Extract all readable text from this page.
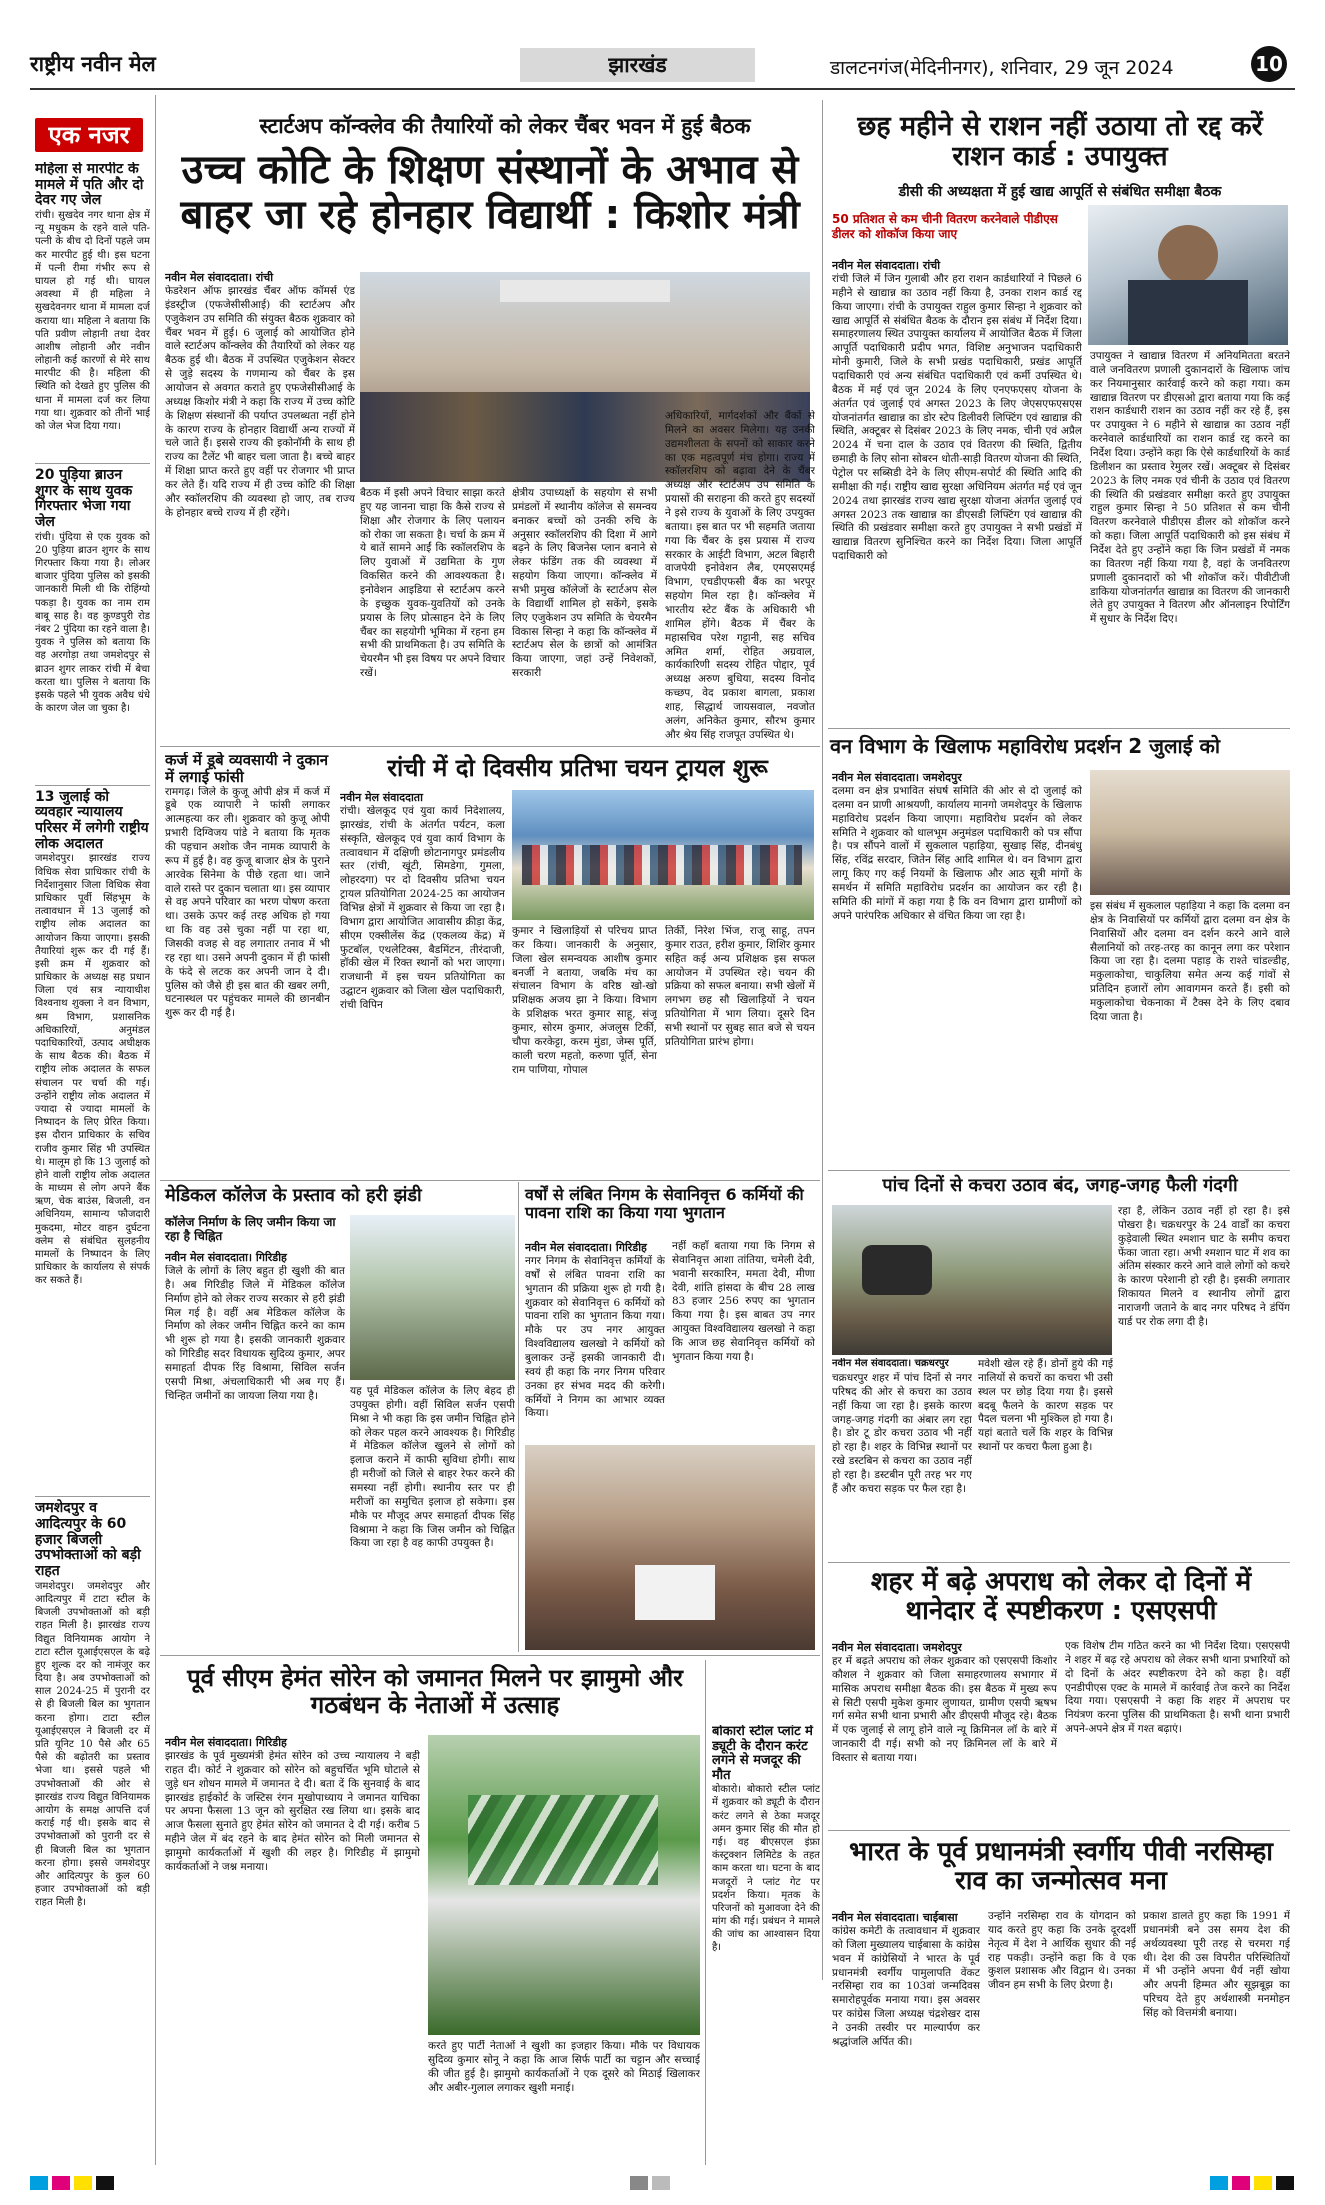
राष्ट्रीय नवीन मेल	झारखंड	डालटनगंज(मेदिनीनगर), शनिवार, 29 जून 2024	10
एक नजर
महिला से मारपीट के मामले में पति और दो देवर गए जेल
रांची। सुखदेव नगर थाना क्षेत्र में न्यू मधुकम के रहने वाले पति-पत्नी के बीच दो दिनों पहले जम कर मारपीट हुई थी। इस घटना में पत्नी रीमा गंभीर रूप से घायल हो गई थी। घायल अवस्था में ही महिला ने सुखदेवनगर थाना में मामला दर्ज कराया था। महिला ने बताया कि पति प्रवीण लोहानी तथा देवर आशीष लोहानी और नवीन लोहानी कई कारणों से मेरे साथ मारपीट की है। महिला की स्थिति को देखते हुए पुलिस की धाना में मामला दर्ज कर लिया गया था। शुक्रवार को तीनों भाई को जेल भेज दिया गया।
20 पुड़िया ब्राउन शुगर के साथ युवक गिरफ्तार भेजा गया जेल
रांची। पुंदिया से एक युवक को 20 पुड़िया ब्राउन शुगर के साथ गिरफ्तार किया गया है। लोअर बाजार पुंदिया पुलिस को इसकी जानकारी मिली थी कि रोहिंग्यो पकड़ा है। युवक का नाम राम बाबू साह है। वह कुण्डपुरी रोड नंबर 2 पुंदिया का रहने वाला है। युवक ने पुलिस को बताया कि वह अरगोड़ा तथा जमशेदपुर से ब्राउन शुगर लाकर रांची में बेचा करता था। पुलिस ने बताया कि इसके पहले भी युवक अवैध धंधे के कारण जेल जा चुका है।
13 जुलाई को व्यवहार न्यायालय परिसर में लगेगी राष्ट्रीय लोक अदालत
जमशेदपुर। झारखंड राज्य विधिक सेवा प्राधिकार रांची के निर्देशानुसार जिला विधिक सेवा प्राधिकार पूर्वी सिंहभूम के तत्वावधान में 13 जुलाई को राष्ट्रीय लोक अदालत का आयोजन किया जाएगा। इसकी तैयारियां शुरू कर दी गई हैं। इसी क्रम में शुक्रवार को प्राधिकार के अध्यक्ष सह प्रधान जिला एवं सत्र न्यायाधीश विश्वनाथ शुक्ला ने वन विभाग, श्रम विभाग, प्रशासनिक अधिकारियों, अनुमंडल पदाधिकारियों, उत्पाद अधीक्षक के साथ बैठक की। बैठक में राष्ट्रीय लोक अदालत के सफल संचालन पर चर्चा की गई। उन्होंने राष्ट्रीय लोक अदालत में ज्यादा से ज्यादा मामलों के निष्पादन के लिए प्रेरित किया। इस दौरान प्राधिकार के सचिव राजीव कुमार सिंह भी उपस्थित थे। मालूम हो कि 13 जुलाई को होने वाली राष्ट्रीय लोक अदालत के माध्यम से लोग अपने बैंक ऋण, चेक बाउंस, बिजली, वन अधिनियम, सामान्य फौजदारी मुकदमा, मोटर वाहन दुर्घटना क्लेम से संबंधित सुलहनीय मामलों के निष्पादन के लिए प्राधिकार के कार्यालय से संपर्क कर सकते हैं।
जमशेदपुर व आदित्यपुर के 60 हजार बिजली उपभोक्ताओं को बड़ी राहत
जमशेदपुर। जमशेदपुर और आदित्यपुर में टाटा स्टील के बिजली उपभोक्ताओं को बड़ी राहत मिली है। झारखंड राज्य विद्युत विनियामक आयोग ने टाटा स्टील यूआईएसएल के बढ़े हुए शुल्क दर को नामंजूर कर दिया है। अब उपभोक्ताओं को साल 2024-25 में पुरानी दर से ही बिजली बिल का भुगतान करना होगा। टाटा स्टील यूआईएसएल ने बिजली दर में प्रति यूनिट 10 पैसे और 65 पैसे की बढ़ोतरी का प्रस्ताव भेजा था। इससे पहले भी उपभोक्ताओं की ओर से झारखंड राज्य विद्युत विनियामक आयोग के समक्ष आपत्ति दर्ज कराई गई थी। इसके बाद से उपभोक्ताओं को पुरानी दर से ही बिजली बिल का भुगतान करना होगा। इससे जमशेदपुर और आदित्यपुर के कुल 60 हजार उपभोक्ताओं को बड़ी राहत मिली है।
स्टार्टअप कॉन्क्लेव की तैयारियों को लेकर चैंबर भवन में हुई बैठक
उच्च कोटि के शिक्षण संस्थानों के अभाव से बाहर जा रहे होनहार विद्यार्थी : किशोर मंत्री
नवीन मेल संवाददाता। रांची
फेडरेशन ऑफ झारखंड चैंबर ऑफ कॉमर्स एंड इंडस्ट्रीज (एफजेसीसीआई) की स्टार्टअप और एजुकेशन उप समिति की संयुक्त बैठक शुक्रवार को चैंबर भवन में हुई। 6 जुलाई को आयोजित होने वाले स्टार्टअप कॉन्क्लेव की तैयारियों को लेकर यह बैठक हुई थी। बैठक में उपस्थित एजुकेशन सेक्टर से जुड़े सदस्य के गणमान्य को चैंबर के इस आयोजन से अवगत कराते हुए एफजेसीसीआई के अध्यक्ष किशोर मंत्री ने कहा कि राज्य में उच्च कोटि के शिक्षण संस्थानों की पर्याप्त उपलब्धता नहीं होने के कारण राज्य के होनहार विद्यार्थी अन्य राज्यों में चले जाते हैं। इससे राज्य की इकोनॉमी के साथ ही राज्य का टैलेंट भी बाहर चला जाता है। बच्चे बाहर में शिक्षा प्राप्त करते हुए वहीं पर रोजगार भी प्राप्त कर लेते हैं। यदि राज्य में ही उच्च कोटि की शिक्षा और स्कॉलरशिप की व्यवस्था हो जाए, तब राज्य के होनहार बच्चे राज्य में ही रहेंगे।
बैठक में इसी अपने विचार साझा करते हुए यह जानना चाहा कि कैसे राज्य से शिक्षा और रोजगार के लिए पलायन को रोका जा सकता है। चर्चा के क्रम में ये बातें सामने आईं कि स्कॉलरशिप के लिए युवाओं में उद्यमिता के गुण विकसित करने की आवश्यकता है। इनोवेशन आइडिया से स्टार्टअप करने के इच्छुक युवक-युवतियों को उनके प्रयास के लिए प्रोत्साहन देने के लिए चैंबर का सहयोगी भूमिका में रहना हम सभी की प्राथमिकता है। उप समिति के चेयरमैन भी इस विषय पर अपने विचार रखें।
क्षेत्रीय उपाध्यक्षों के सहयोग से सभी प्रमंडलों में स्थानीय कॉलेज से समन्वय बनाकर बच्चों को उनकी रुचि के अनुसार स्कॉलरशिप की दिशा में आगे बढ़ने के लिए बिजनेस प्लान बनाने से लेकर फंडिंग तक की व्यवस्था में सहयोग किया जाएगा। कॉन्क्लेव में सभी प्रमुख कॉलेजों के स्टार्टअप सेल के विद्यार्थी शामिल हो सकेंगे, इसके लिए एजुकेशन उप समिति के चेयरमैन विकास सिन्हा ने कहा कि कॉन्क्लेव में स्टार्टअप सेल के छात्रों को आमंत्रित किया जाएगा, जहां उन्हें निवेशकों, सरकारी
अधिकारियों, मार्गदर्शकों और बैंकों से मिलने का अवसर मिलेगा। यह उनकी उद्यमशीलता के सपनों को साकार करने का एक महत्वपूर्ण मंच होगा। राज्य में स्कॉलरशिप को बढ़ावा देने के चैंबर अध्यक्ष और स्टार्टअप उप समिति के प्रयासों की सराहना की करते हुए सदस्यों ने इसे राज्य के युवाओं के लिए उपयुक्त बताया। इस बात पर भी सहमति जताया गया कि चैंबर के इस प्रयास में राज्य सरकार के आईटी विभाग, अटल बिहारी वाजपेयी इनोवेशन लैब, एमएसएमई विभाग, एचडीएफसी बैंक का भरपूर सहयोग मिल रहा है। कॉन्क्लेव में भारतीय स्टेट बैंक के अधिकारी भी शामिल होंगे। बैठक में चैंबर के महासचिव परेश गट्टानी, सह सचिव अमित शर्मा, रोहित अग्रवाल, कार्यकारिणी सदस्य रोहित पोद्दार, पूर्व अध्यक्ष अरुण बुधिया, सदस्य विनोद कच्छप, वेद प्रकाश बागला, प्रकाश शाह, सिद्धार्थ जायसवाल, नवजोत अलंग, अनिकेत कुमार, सौरभ कुमार और श्रेय सिंह राजपूत उपस्थित थे।
छह महीने से राशन नहीं उठाया तो रद्द करें राशन कार्ड : उपायुक्त
डीसी की अध्यक्षता में हुई खाद्य आपूर्ति से संबंधित समीक्षा बैठक
50 प्रतिशत से कम चीनी वितरण करनेवाले पीडीएस डीलर को शोकॉज किया जाए
नवीन मेल संवाददाता। रांची
रांची जिले में जिन गुलाबी और हरा राशन कार्डधारियों ने पिछले 6 महीने से खाद्यान्न का उठाव नहीं किया है, उनका राशन कार्ड रद्द किया जाएगा। रांची के उपायुक्त राहुल कुमार सिन्हा ने शुक्रवार को खाद्य आपूर्ति से संबंधित बैठक के दौरान इस संबंध में निर्देश दिया। समाहरणालय स्थित उपायुक्त कार्यालय में आयोजित बैठक में जिला आपूर्ति पदाधिकारी प्रदीप भगत, विशिष्ट अनुभाजन पदाधिकारी मोनी कुमारी, जिले के सभी प्रखंड पदाधिकारी, प्रखंड आपूर्ति पदाधिकारी एवं अन्य संबंधित पदाधिकारी एवं कर्मी उपस्थित थे। बैठक में मई एवं जून 2024 के लिए एनएफएसए योजना के अंतर्गत एवं जुलाई एवं अगस्त 2023 के लिए जेएसएफएसएस योजनांतर्गत खाद्यान्न का डोर स्टेप डिलीवरी लिफ्टिंग एवं खाद्यान्न की स्थिति, अक्टूबर से दिसंबर 2023 के लिए नमक, चीनी एवं अप्रैल 2024 में चना दाल के उठाव एवं वितरण की स्थिति, द्वितीय छमाही के लिए सोना सोबरन धोती-साड़ी वितरण योजना की स्थिति, पेट्रोल पर सब्सिडी देने के लिए सीएम-सपोर्ट की स्थिति आदि की समीक्षा की गई। राष्ट्रीय खाद्य सुरक्षा अधिनियम अंतर्गत मई एवं जून 2024 तथा झारखंड राज्य खाद्य सुरक्षा योजना अंतर्गत जुलाई एवं अगस्त 2023 तक खाद्यान्न का डीएसडी लिफ्टिंग एवं खाद्यान्न की स्थिति की प्रखंडवार समीक्षा करते हुए उपायुक्त ने सभी प्रखंडों में खाद्यान्न वितरण सुनिश्चित करने का निर्देश दिया। जिला आपूर्ति पदाधिकारी को
उपायुक्त ने खाद्यान्न वितरण में अनियमितता बरतने वाले जनवितरण प्रणाली दुकानदारों के खिलाफ जांच कर नियमानुसार कार्रवाई करने को कहा गया। कम खाद्यान्न वितरण पर डीएसओ द्वारा बताया गया कि कई राशन कार्डधारी राशन का उठाव नहीं कर रहे हैं, इस पर उपायुक्त ने 6 महीने से खाद्यान्न का उठाव नहीं करनेवाले कार्डधारियों का राशन कार्ड रद्द करने का निर्देश दिया। उन्होंने कहा कि ऐसे कार्डधारियों के कार्ड डिलीशन का प्रस्ताव रेमुलर रखें। अक्टूबर से दिसंबर 2023 के लिए नमक एवं चीनी के उठाव एवं वितरण की स्थिति की प्रखंडवार समीक्षा करते हुए उपायुक्त राहुल कुमार सिन्हा ने 50 प्रतिशत से कम चीनी वितरण करनेवाले पीडीएस डीलर को शोकॉज करने को कहा। जिला आपूर्ति पदाधिकारी को इस संबंध में निर्देश देते हुए उन्होंने कहा कि जिन प्रखंडों में नमक का वितरण नहीं किया गया है, वहां के जनवितरण प्रणाली दुकानदारों को भी शोकॉज करें। पीवीटीजी डाकिया योजनांतर्गत खाद्यान्न का वितरण की जानकारी लेते हुए उपायुक्त ने वितरण और ऑनलाइन रिपोर्टिंग में सुधार के निर्देश दिए।
कर्ज में डूबे व्यवसायी ने दुकान में लगाई फांसी
रामगढ़। जिले के कुजू ओपी क्षेत्र में कर्ज में डूबे एक व्यापारी ने फांसी लगाकर आत्महत्या कर ली। शुक्रवार को कुजू ओपी प्रभारी दिग्विजय पांडे ने बताया कि मृतक की पहचान अशोक जैन नामक व्यापारी के रूप में हुई है। वह कुजू बाजार क्षेत्र के पुराने आरवेक सिनेमा के पीछे रहता था। जाने वाले रास्ते पर दुकान चलाता था। इस व्यापार से वह अपने परिवार का भरण पोषण करता था। उसके ऊपर कई तरह अधिक हो गया था कि वह उसे चुका नहीं पा रहा था, जिसकी वजह से वह लगातार तनाव में भी रह रहा था। उसने अपनी दुकान में ही फांसी के फंदे से लटक कर अपनी जान दे दी। पुलिस को जैसे ही इस बात की खबर लगी, घटनास्थल पर पहुंचकर मामले की छानबीन शुरू कर दी गई है।
रांची में दो दिवसीय प्रतिभा चयन ट्रायल शुरू
नवीन मेल संवाददाता
रांची। खेलकूद एवं युवा कार्य निदेशालय, झारखंड, रांची के अंतर्गत पर्यटन, कला संस्कृति, खेलकूद एवं युवा कार्य विभाग के तत्वावधान में दक्षिणी छोटानागपुर प्रमंडलीय स्तर (रांची, खूंटी, सिमडेगा, गुमला, लोहरदगा) पर दो दिवसीय प्रतिभा चयन ट्रायल प्रतियोगिता 2024-25 का आयोजन विभिन्न क्षेत्रों में शुक्रवार से किया जा रहा है। विभाग द्वारा आयोजित आवासीय क्रीड़ा केंद्र, सीएम एक्सीलेंस केंद्र (एकलव्य केंद्र) में फुटबॉल, एथलेटिक्स, बैडमिंटन, तीरंदाजी, हॉकी खेल में रिक्त स्थानों को भरा जाएगा। राजधानी में इस चयन प्रतियोगिता का उद्घाटन शुक्रवार को जिला खेल पदाधिकारी, रांची विपिन
कुमार ने खिलाड़ियों से परिचय प्राप्त कर किया। जानकारी के अनुसार, जिला खेल समन्वयक आशीष कुमार बनर्जी ने बताया, जबकि मंच का संचालन विभाग के वरिष्ठ खो-खो प्रशिक्षक अजय झा ने किया। विभाग के प्रशिक्षक भरत कुमार साहू, संजू कुमार, सोरम कुमार, अंजलुस टिर्की, चौपा करकेट्टा, करम मुंडा, जेम्स पूर्ति, काली चरण महतो, करुणा पूर्ति, सेना राम पाणिया, गोपाल
तिर्की, निरेश भिंज, राजू साहू, तपन कुमार राउत, हरीश कुमार, शिशिर कुमार सहित कई अन्य प्रशिक्षक इस सफल आयोजन में उपस्थित रहे। चयन की प्रक्रिया को सफल बनाया। सभी खेलों में लगभग छह सौ खिलाड़ियों ने चयन प्रतियोगिता में भाग लिया। दूसरे दिन सभी स्थानों पर सुबह सात बजे से चयन प्रतियोगिता प्रारंभ होगा।
मेडिकल कॉलेज के प्रस्ताव को हरी झंडी
कॉलेज निर्माण के लिए जमीन किया जा रहा है चिह्नित
नवीन मेल संवाददाता। गिरिडीह
जिले के लोगों के लिए बहुत ही खुशी की बात है। अब गिरिडीह जिले में मेडिकल कॉलेज निर्माण होने को लेकर राज्य सरकार से हरी झंडी मिल गई है। वहीं अब मेडिकल कॉलेज के निर्माण को लेकर जमीन चिह्नित करने का काम भी शुरू हो गया है। इसकी जानकारी शुक्रवार को गिरिडीह सदर विधायक सुदिव्य कुमार, अपर समाहर्ता दीपक रिंह विश्रामा, सिविल सर्जन एसपी मिश्रा, अंचलाधिकारी भी अब गए हैं। चिन्हित जमीनों का जायजा लिया गया है।	यह पूर्व मेडिकल कॉलेज के लिए बेहद ही उपयुक्त होगी। वहीं सिविल सर्जन एसपी मिश्रा ने भी कहा कि इस जमीन चिह्नित होने को लेकर पहल करने आवश्यक है। गिरिडीह में मेडिकल कॉलेज खुलने से लोगों को इलाज कराने में काफी सुविधा होगी। साथ ही मरीजों को जिले से बाहर रेफर करने की समस्या नहीं होगी। स्थानीय स्तर पर ही मरीजों का समुचित इलाज हो सकेगा। इस मौके पर मौजूद अपर समाहर्ता दीपक सिंह विश्रामा ने कहा कि जिस जमीन को चिह्नित किया जा रहा है वह काफी उपयुक्त है।
वर्षों से लंबित निगम के सेवानिवृत्त 6 कर्मियों की पावना राशि का किया गया भुगतान
नवीन मेल संवाददाता। गिरिडीह
नगर निगम के सेवानिवृत्त कर्मियों के वर्षों से लंबित पावना राशि का भुगतान की प्रक्रिया शुरू हो गयी है। शुक्रवार को सेवानिवृत्त 6 कर्मियों को पावना राशि का भुगतान किया गया। मौके पर उप नगर आयुक्त विश्वविद्यालय खलखो ने कर्मियों को बुलाकर उन्हें इसकी जानकारी दी। स्वयं ही कहा कि नगर निगम परिवार उनका हर संभव मदद की करेगी। कर्मियों ने निगम का आभार व्यक्त किया।
नहीं कहाँ बताया गया कि निगम से सेवानिवृत्त आशा तांतिया, चमेली देवी, भवानी सरकारिन, ममता देवी, मीणा देवी, शांति हांसदा के बीच 28 लाख 83 हजार 256 रुपए का भुगतान किया गया है। इस बाबत उप नगर आयुक्त विश्वविद्यालय खलखो ने कहा कि आज छह सेवानिवृत्त कर्मियों को भुगतान किया गया है।
वन विभाग के खिलाफ महाविरोध प्रदर्शन 2 जुलाई को
नवीन मेल संवाददाता। जमशेदपुर
दलमा वन क्षेत्र प्रभावित संघर्ष समिति की ओर से दो जुलाई को दलमा वन प्राणी आश्रयणी, कार्यालय मानगो जमशेदपुर के खिलाफ महाविरोध प्रदर्शन किया जाएगा। महाविरोध प्रदर्शन को लेकर समिति ने शुक्रवार को धालभूम अनुमंडल पदाधिकारी को पत्र सौंपा है। पत्र सौंपने वालों में सुकलाल पहाड़िया, सुखाइ सिंह, दीनबंधु सिंह, रविंद्र सरदार, जितेन सिंह आदि शामिल थे। वन विभाग द्वारा लागू किए गए कई नियमों के खिलाफ और आठ सूत्री मांगों के समर्थन में समिति महाविरोध प्रदर्शन का आयोजन कर रही है। समिति की मांगों में कहा गया है कि वन विभाग द्वारा ग्रामीणों को अपने पारंपरिक अधिकार से वंचित किया जा रहा है।
इस संबंध में सुकलाल पहाड़िया ने कहा कि दलमा वन क्षेत्र के निवासियों पर कर्मियों द्वारा दलमा वन क्षेत्र के निवासियों और दलमा वन दर्शन करने आने वाले सैलानियों को तरह-तरह का कानून लगा कर परेशान किया जा रहा है। दलमा पहाड़ के राश्ते चांडल्डीह, मकुलाकोचा, चाकुलिया समेत अन्य कई गांवों से प्रतिदिन हजारों लोग आवागमन करते हैं। इसी को मकुलाकोचा चेकनाका में टैक्स देने के लिए दबाव दिया जाता है।
पांच दिनों से कचरा उठाव बंद, जगह-जगह फैली गंदगी
नवीन मेल संवाददाता। चक्रधरपुर
चक्रधरपुर शहर में पांच दिनों से नगर परिषद की ओर से कचरा का उठाव नहीं किया जा रहा है। इसके कारण जगह-जगह गंदगी का अंबार लग रहा है। डोर टू डोर कचरा उठाव भी नहीं हो रहा है। शहर के विभिन्न स्थानों पर रखे डस्टबिन से कचरा का उठाव नहीं हो रहा है। डस्टबीन पूरी तरह भर गए हैं और कचरा सड़क पर फैल रहा है।
मवेशी खेल रहे हैं। डोनों हुये की गई नालियों से कचरों का कचरा भी उसी स्थल पर छोड़ दिया गया है। इससे बदबू फैलने के कारण सड़क पर पैदल चलना भी मुश्किल हो गया है। यहां बताते चलें कि शहर के विभिन्न स्थानों पर कचरा फैला हुआ है।
रहा है, लेकिन उठाव नहीं हो रहा है। इसे पोखरा है। चक्रधरपुर के 24 वार्डों का कचरा कुड़ेवाली स्थित श्मशान घाट के समीप कचरा फेंका जाता रहा। अभी श्मशान घाट में शव का अंतिम संस्कार करने आने वाले लोगों को कचरे के कारण परेशानी हो रही है। इसकी लगातार शिकायत मिलने व स्थानीय लोगों द्वारा नाराजगी जताने के बाद नगर परिषद ने डंपिंग यार्ड पर रोक लगा दी है।
शहर में बढ़े अपराध को लेकर दो दिनों में थानेदार दें स्पष्टीकरण : एसएसपी
नवीन मेल संवाददाता। जमशेदपुर
हर में बढ़ते अपराध को लेकर शुक्रवार को एसएसपी किशोर कौशल ने शुक्रवार को जिला समाहरणालय सभागार में मासिक अपराध समीक्षा बैठक की। इस बैठक में मुख्य रूप से सिटी एसपी मुकेश कुमार लुणायत, ग्रामीण एसपी ऋषभ गर्ग समेत सभी थाना प्रभारी और डीएसपी मौजूद रहे। बैठक में एक जुलाई से लागू होने वाले न्यू क्रिमिनल लॉ के बारे में जानकारी दी गई। सभी को नए क्रिमिनल लॉ के बारे में विस्तार से बताया गया।
एक विशेष टीम गठित करने का भी निर्देश दिया। एसएसपी ने शहर में बढ़ रहे अपराध को लेकर सभी थाना प्रभारियों को दो दिनों के अंदर स्पष्टीकरण देने को कहा है। वहीं एनडीपीएस एक्ट के मामले में कार्रवाई तेज करने का निर्देश दिया गया। एसएसपी ने कहा कि शहर में अपराध पर नियंत्रण करना पुलिस की प्राथमिकता है। सभी थाना प्रभारी अपने-अपने क्षेत्र में गश्त बढ़ाएं।
पूर्व सीएम हेमंत सोरेन को जमानत मिलने पर झामुमो और गठबंधन के नेताओं में उत्साह
नवीन मेल संवाददाता। गिरिडीह
झारखंड के पूर्व मुख्यमंत्री हेमंत सोरेन को उच्च न्यायालय ने बड़ी राहत दी। कोर्ट ने शुक्रवार को सोरेन को बहुचर्चित भूमि घोटाले से जुड़े धन शोधन मामले में जमानत दे दी। बता दें कि सुनवाई के बाद झारखंड हाईकोर्ट के जस्टिस रंगन मुखोपाध्याय ने जमानत याचिका पर अपना फैसला 13 जून को सुरक्षित रख लिया था। इसके बाद आज फैसला सुनाते हुए हेमंत सोरेन को जमानत दे दी गई। करीब 5 महीने जेल में बंद रहने के बाद हेमंत सोरेन को मिली जमानत से झामुमो कार्यकर्ताओं में खुशी की लहर है। गिरिडीह में झामुमो कार्यकर्ताओं ने जश्न मनाया।
करते हुए पार्टी नेताओं ने खुशी का इजहार किया। मौके पर विधायक सुदिव्य कुमार सोनू ने कहा कि आज सिर्फ पार्टी का चट्टान और सच्चाई की जीत हुई है। झामुमो कार्यकर्ताओं ने एक दूसरे को मिठाई खिलाकर और अबीर-गुलाल लगाकर खुशी मनाई।
बोकारो स्टील प्लांट में ड्यूटी के दौरान करंट लगने से मजदूर की मौत
बोकारो। बोकारो स्टील प्लांट में शुक्रवार को ड्यूटी के दौरान करंट लगने से ठेका मजदूर अमन कुमार सिंह की मौत हो गई। वह बीएसएल इंफ्रा कंस्ट्रक्शन लिमिटेड के तहत काम करता था। घटना के बाद मजदूरों ने प्लांट गेट पर प्रदर्शन किया। मृतक के परिजनों को मुआवजा देने की मांग की गई। प्रबंधन ने मामले की जांच का आश्वासन दिया है।
भारत के पूर्व प्रधानमंत्री स्वर्गीय पीवी नरसिम्हा राव का जन्मोत्सव मना
नवीन मेल संवाददाता। चाईबासा
कांग्रेस कमेटी के तत्वावधान में शुक्रवार को जिला मुख्यालय चाईबासा के कांग्रेस भवन में कांग्रेसियों ने भारत के पूर्व प्रधानमंत्री स्वर्गीय पामुलापति वेंकट नरसिम्हा राव का 103वां जन्मदिवस समारोहपूर्वक मनाया गया। इस अवसर पर कांग्रेस जिला अध्यक्ष चंद्रशेखर दास ने उनकी तस्वीर पर माल्यार्पण कर श्रद्धांजलि अर्पित की।
उन्होंने नरसिम्हा राव के योगदान को याद करते हुए कहा कि उनके दूरदर्शी नेतृत्व में देश ने आर्थिक सुधार की नई राह पकड़ी। उन्होंने कहा कि वे एक कुशल प्रशासक और विद्वान थे। उनका जीवन हम सभी के लिए प्रेरणा है।
प्रकाश डालते हुए कहा कि 1991 में प्रधानमंत्री बने उस समय देश की अर्थव्यवस्था पूरी तरह से चरमरा गई थी। देश की उस विपरीत परिस्थितियों में भी उन्होंने अपना धैर्य नहीं खोया और अपनी हिम्मत और सूझबूझ का परिचय देते हुए अर्थशास्त्री मनमोहन सिंह को वित्तमंत्री बनाया।
